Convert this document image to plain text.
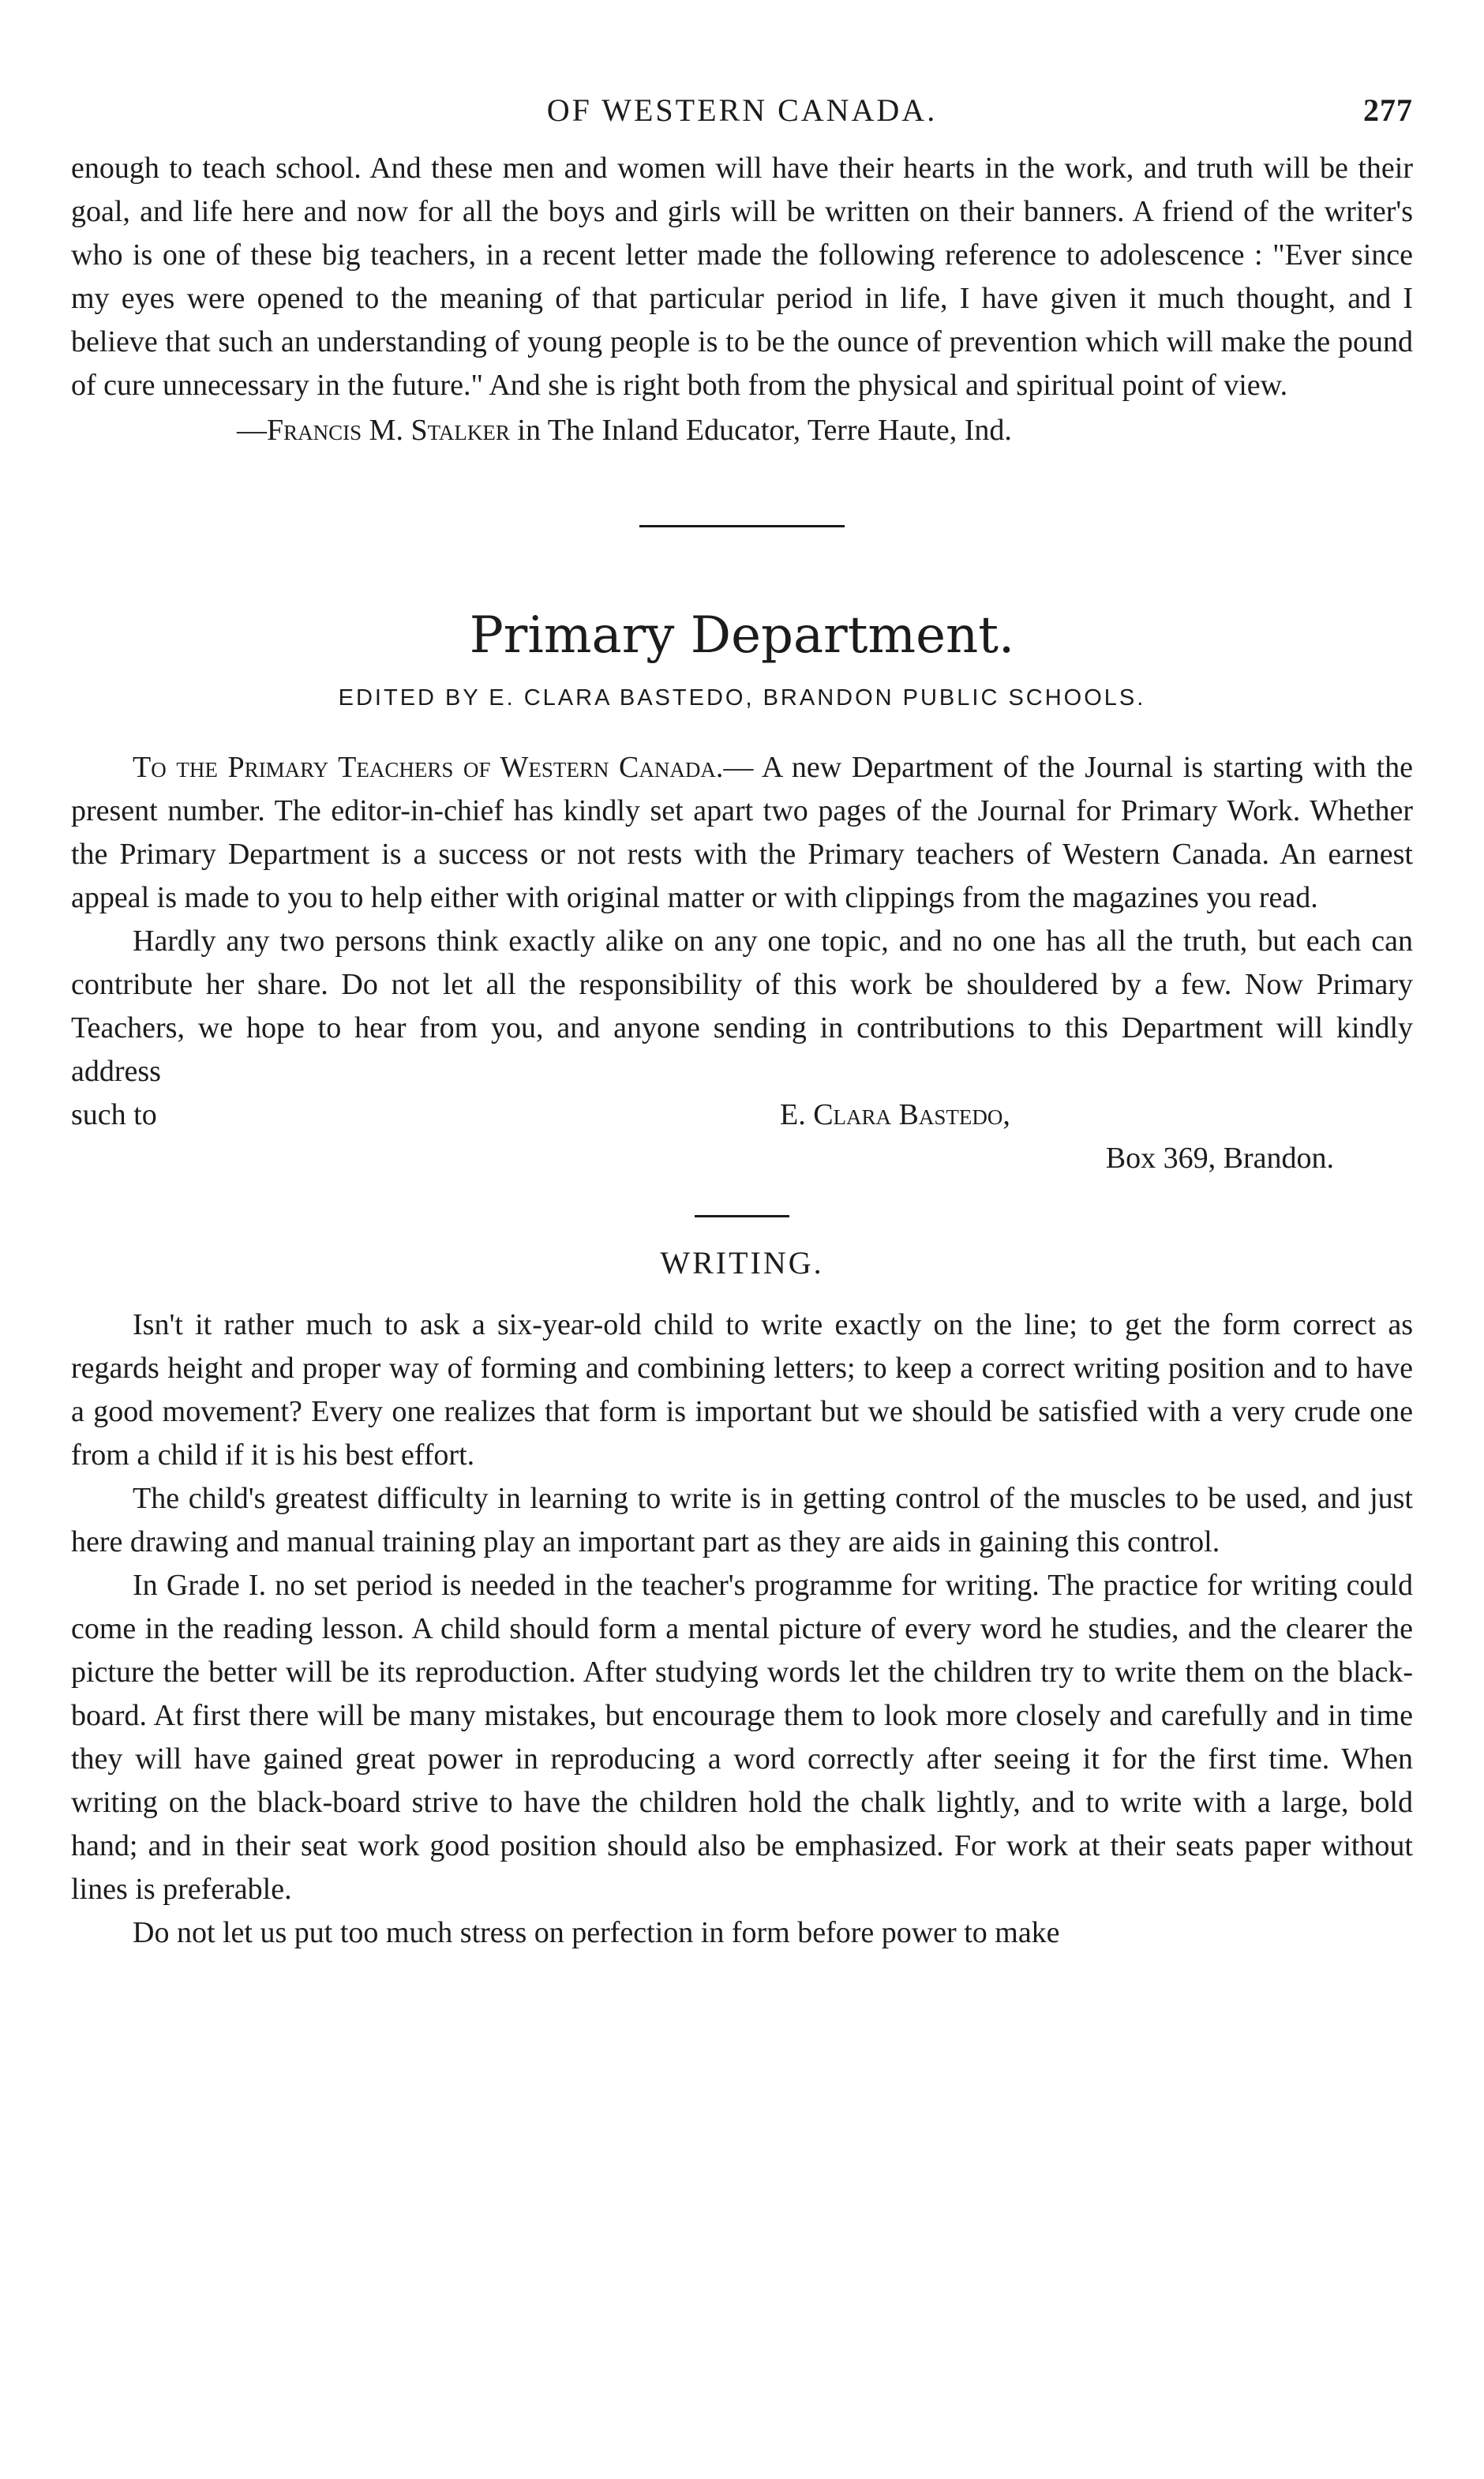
OF WESTERN CANADA.	277

enough to teach school. And these men and women will have their hearts in the work, and truth will be their goal, and life here and now for all the boys and girls will be written on their banners. A friend of the writer's who is one of these big teachers, in a recent letter made the following reference to adolescence : "Ever since my eyes were opened to the meaning of that particular period in life, I have given it much thought, and I believe that such an understanding of young people is to be the ounce of prevention which will make the pound of cure unnecessary in the future." And she is right both from the physical and spiritual point of view.

—Francis M. Stalker in The Inland Educator, Terre Haute, Ind.
Primary Department.
EDITED BY E. CLARA BASTEDO, BRANDON PUBLIC SCHOOLS.

To the Primary Teachers of Western Canada.— A new Department of the Journal is starting with the present number. The editor-in-chief has kindly set apart two pages of the Journal for Primary Work. Whether the Primary Department is a success or not rests with the Primary teachers of Western Canada. An earnest appeal is made to you to help either with original matter or with clippings from the magazines you read.

Hardly any two persons think exactly alike on any one topic, and no one has all the truth, but each can contribute her share. Do not let all the responsibility of this work be shouldered by a few. Now Primary Teachers, we hope to hear from you, and anyone sending in contributions to this Department will kindly address

such to	E. Clara Bastedo,
Box 369, Brandon.
WRITING.

Isn't it rather much to ask a six-year-old child to write exactly on the line; to get the form correct as regards height and proper way of forming and combining letters; to keep a correct writing position and to have a good movement? Every one realizes that form is important but we should be satisfied with a very crude one from a child if it is his best effort.

The child's greatest difficulty in learning to write is in getting control of the muscles to be used, and just here drawing and manual training play an important part as they are aids in gaining this control.

In Grade I. no set period is needed in the teacher's programme for writing. The practice for writing could come in the reading lesson. A child should form a mental picture of every word he studies, and the clearer the picture the better will be its reproduction. After studying words let the children try to write them on the black-board. At first there will be many mistakes, but encourage them to look more closely and carefully and in time they will have gained great power in reproducing a word correctly after seeing it for the first time. When writing on the black-board strive to have the children hold the chalk lightly, and to write with a large, bold hand; and in their seat work good position should also be emphasized. For work at their seats paper without lines is preferable.

Do not let us put too much stress on perfection in form before power to make
